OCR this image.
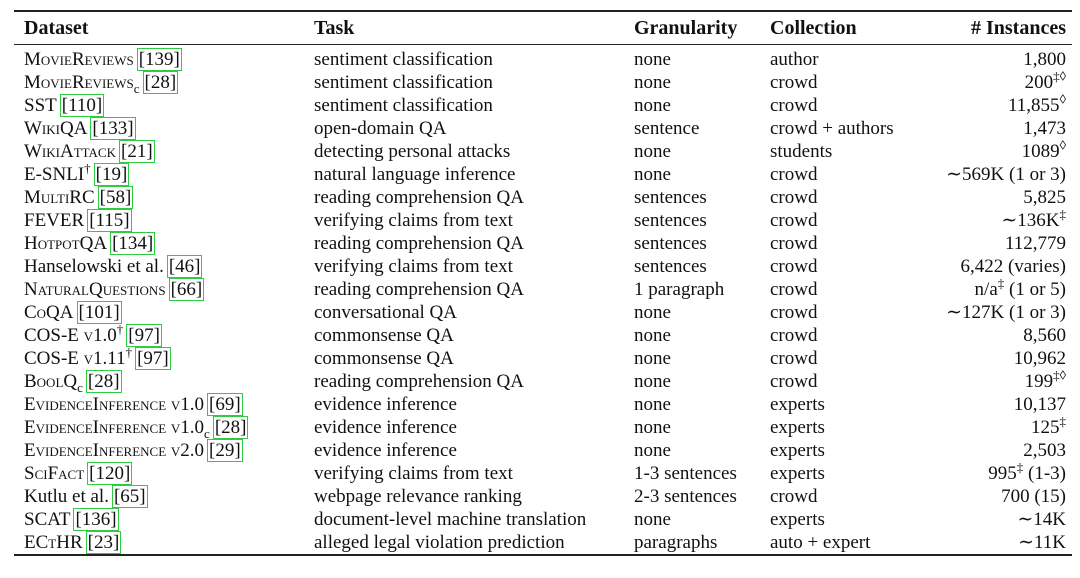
Dataset	Task	Granularity	Collection	# Instances
MovieReviews [139]	sentiment classification	none	author	1,800
MovieReviews$_c$ [28]	sentiment classification	none	crowd	200‡◊
SST [110]	sentiment classification	none	crowd	11,855◊
WikiQA [133]	open-domain QA	sentence	crowd + authors	1,473
WikiAttack [21]	detecting personal attacks	none	students	1089◊
E-SNLI† [19]	natural language inference	none	crowd	∼569K (1 or 3)
MultiRC [58]	reading comprehension QA	sentences	crowd	5,825
FEVER [115]	verifying claims from text	sentences	crowd	∼136K‡
HotpotQA [134]	reading comprehension QA	sentences	crowd	112,779
Hanselowski et al. [46]	verifying claims from text	sentences	crowd	6,422 (varies)
NaturalQuestions [66]	reading comprehension QA	1 paragraph	crowd	n/a‡ (1 or 5)
CoQA [101]	conversational QA	none	crowd	∼127K (1 or 3)
COS-E v1.0† [97]	commonsense QA	none	crowd	8,560
COS-E v1.11† [97]	commonsense QA	none	crowd	10,962
BoolQ$_c$ [28]	reading comprehension QA	none	crowd	199‡◊
EvidenceInference v1.0 [69]	evidence inference	none	experts	10,137
EvidenceInference $v1.0_c$ [28]	evidence inference	none	experts	125‡
EvidenceInference v2.0 [29]	evidence inference	none	experts	2,503
SciFact [120]	verifying claims from text	1-3 sentences	experts	995‡ (1-3)
Kutlu et al. [65]	webpage relevance ranking	2-3 sentences	crowd	700 (15)
SCAT [136]	document-level machine translation	none	experts	∼14K
ECtHR [23]	alleged legal violation prediction	paragraphs	auto + expert	∼11K
